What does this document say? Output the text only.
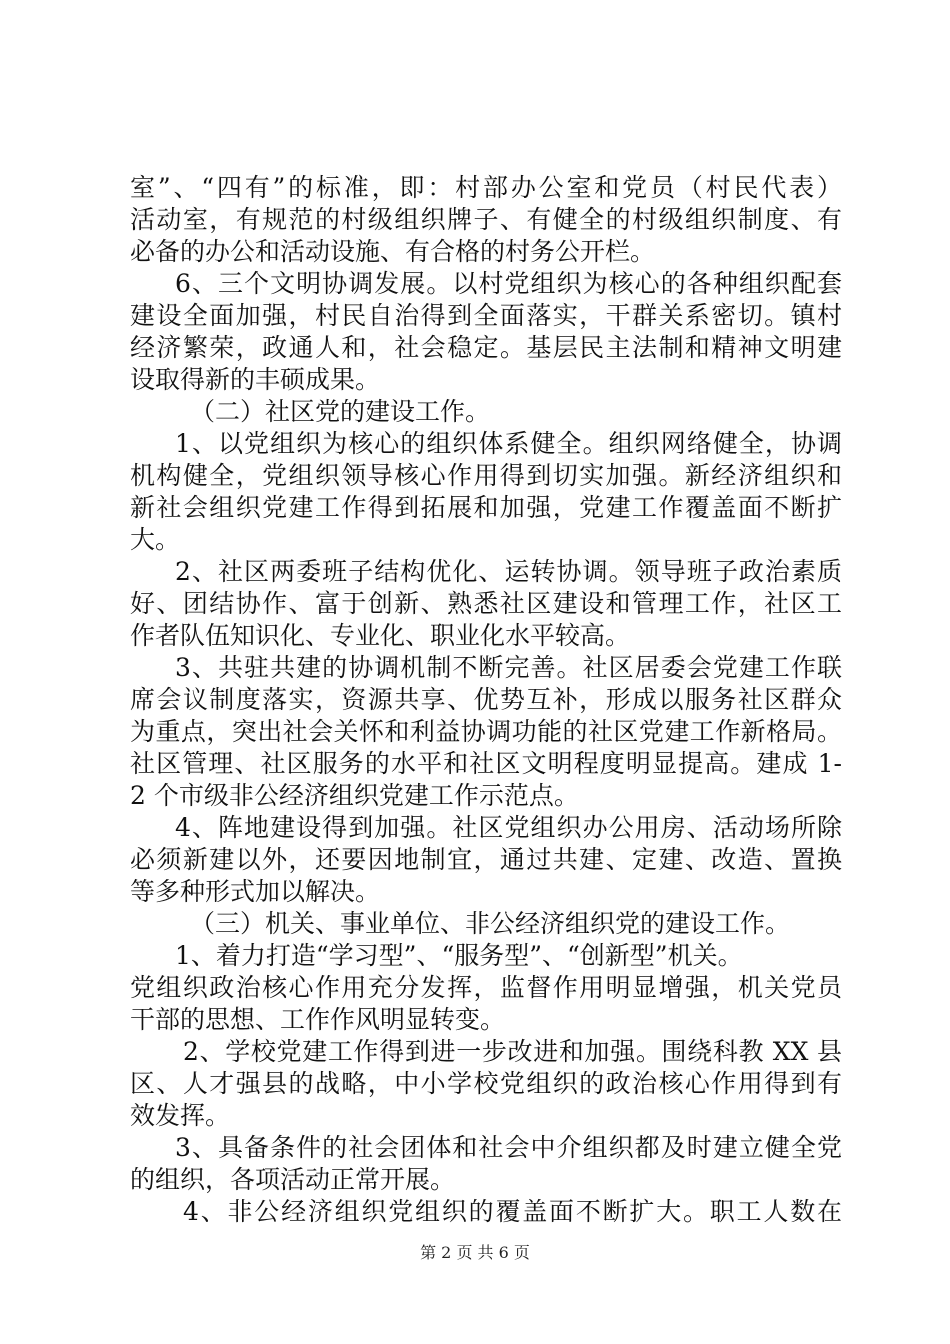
室”、“四有”的标准，即：村部办公室和党员（村民代表）
活动室，有规范的村级组织牌子、有健全的村级组织制度、有
必备的办公和活动设施、有合格的村务公开栏。
6、三个文明协调发展。以村党组织为核心的各种组织配套
建设全面加强，村民自治得到全面落实，干群关系密切。镇村
经济繁荣，政通人和，社会稳定。基层民主法制和精神文明建
设取得新的丰硕成果。
（二）社区党的建设工作。
1、以党组织为核心的组织体系健全。组织网络健全，协调
机构健全，党组织领导核心作用得到切实加强。新经济组织和
新社会组织党建工作得到拓展和加强，党建工作覆盖面不断扩
大。
2、社区两委班子结构优化、运转协调。领导班子政治素质
好、团结协作、富于创新、熟悉社区建设和管理工作，社区工
作者队伍知识化、专业化、职业化水平较高。
3、共驻共建的协调机制不断完善。社区居委会党建工作联
席会议制度落实，资源共享、优势互补，形成以服务社区群众
为重点，突出社会关怀和利益协调功能的社区党建工作新格局。
社区管理、社区服务的水平和社区文明程度明显提高。建成 1-
2 个市级非公经济组织党建工作示范点。
4、阵地建设得到加强。社区党组织办公用房、活动场所除
必须新建以外，还要因地制宜，通过共建、定建、改造、置换
等多种形式加以解决。
（三）机关、事业单位、非公经济组织党的建设工作。
1、着力打造“学习型”、“服务型”、“创新型”机关。
党组织政治核心作用充分发挥，监督作用明显增强，机关党员
干部的思想、工作作风明显转变。
2、学校党建工作得到进一步改进和加强。围绕科教 XX 县
区、人才强县的战略，中小学校党组织的政治核心作用得到有
效发挥。
3、具备条件的社会团体和社会中介组织都及时建立健全党
的组织，各项活动正常开展。
4、非公经济组织党组织的覆盖面不断扩大。职工人数在
第 2 页 共 6 页
